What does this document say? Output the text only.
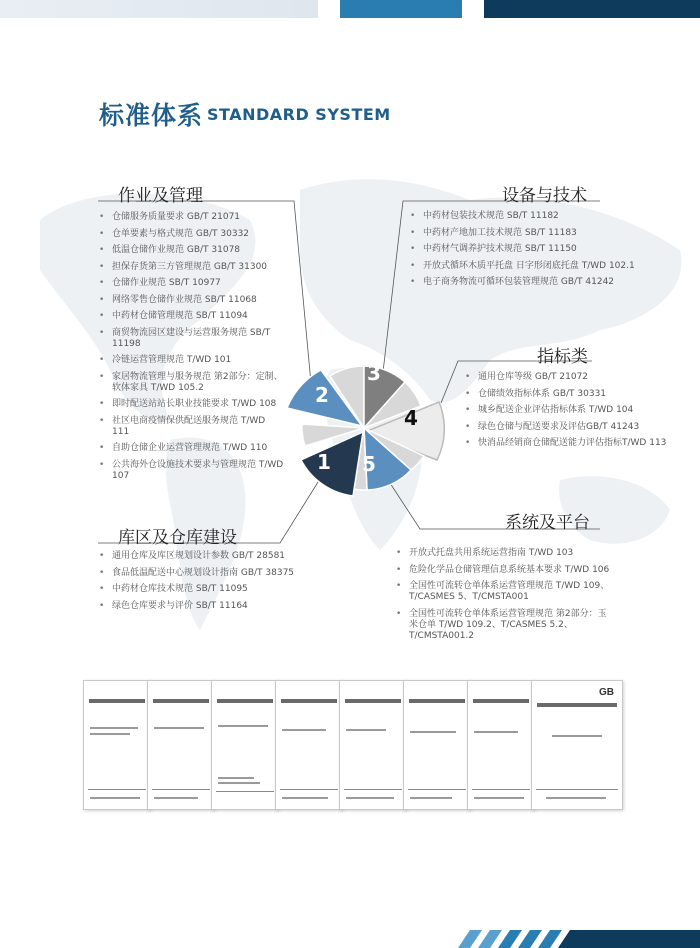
标准体系 STANDARD SYSTEM
3
4
2
1 5
作业及管理
• 仓储服务质量要求 GB/T 21071
• 仓单要素与格式规范 GB/T 30332
• 低温仓储作业规范 GB/T 31078
• 担保存货第三方管理规范 GB/T 31300
• 仓储作业规范 SB/T 10977
• 网络零售仓储作业规范 SB/T 11068
• 中药材仓储管理规范 SB/T 11094
• 商贸物流园区建设与运营服务规范 SB/T 11198
• 冷链运营管理规范 T/WD 101
• 家居物流管理与服务规范 第2部分：定制、软体家具 T/WD 105.2
• 即时配送站站长职业技能要求 T/WD 108
• 社区电商疫情保供配送服务规范 T/WD 111
• 自助仓储企业运营管理规范 T/WD 110
• 公共海外仓设施技术要求与管理规范 T/WD 107
设备与技术
• 中药材包装技术规范 SB/T 11182
• 中药材产地加工技术规范 SB/T 11183
• 中药材气调养护技术规范 SB/T 11150
• 开放式循环木质平托盘 日字形闭底托盘 T/WD 102.1
• 电子商务物流可循环包装管理规范 GB/T 41242
指标类
• 通用仓库等级 GB/T 21072
• 仓储绩效指标体系 GB/T 30331
• 城乡配送企业评估指标体系 T/WD 104
• 绿色仓储与配送要求及评估GB/T 41243
• 快消品经销商仓储配送能力评估指标T/WD 113
库区及仓库建设
• 通用仓库及库区规划设计参数 GB/T 28581
• 食品低温配送中心规划设计指南 GB/T 38375
• 中药材仓库技术规范 SB/T 11095
• 绿色仓库要求与评价 SB/T 11164
系统及平台
• 开放式托盘共用系统运营指南 T/WD 103
• 危险化学品仓储管理信息系统基本要求 T/WD 106
• 全国性可流转仓单体系运营管理规范 T/WD 109、T/CASMES 5、T/CMSTA001
• 全国性可流转仓单体系运营管理规范 第2部分：玉米仓单 T/WD 109.2、T/CASMES 5.2、T/CMSTA001.2
GB
